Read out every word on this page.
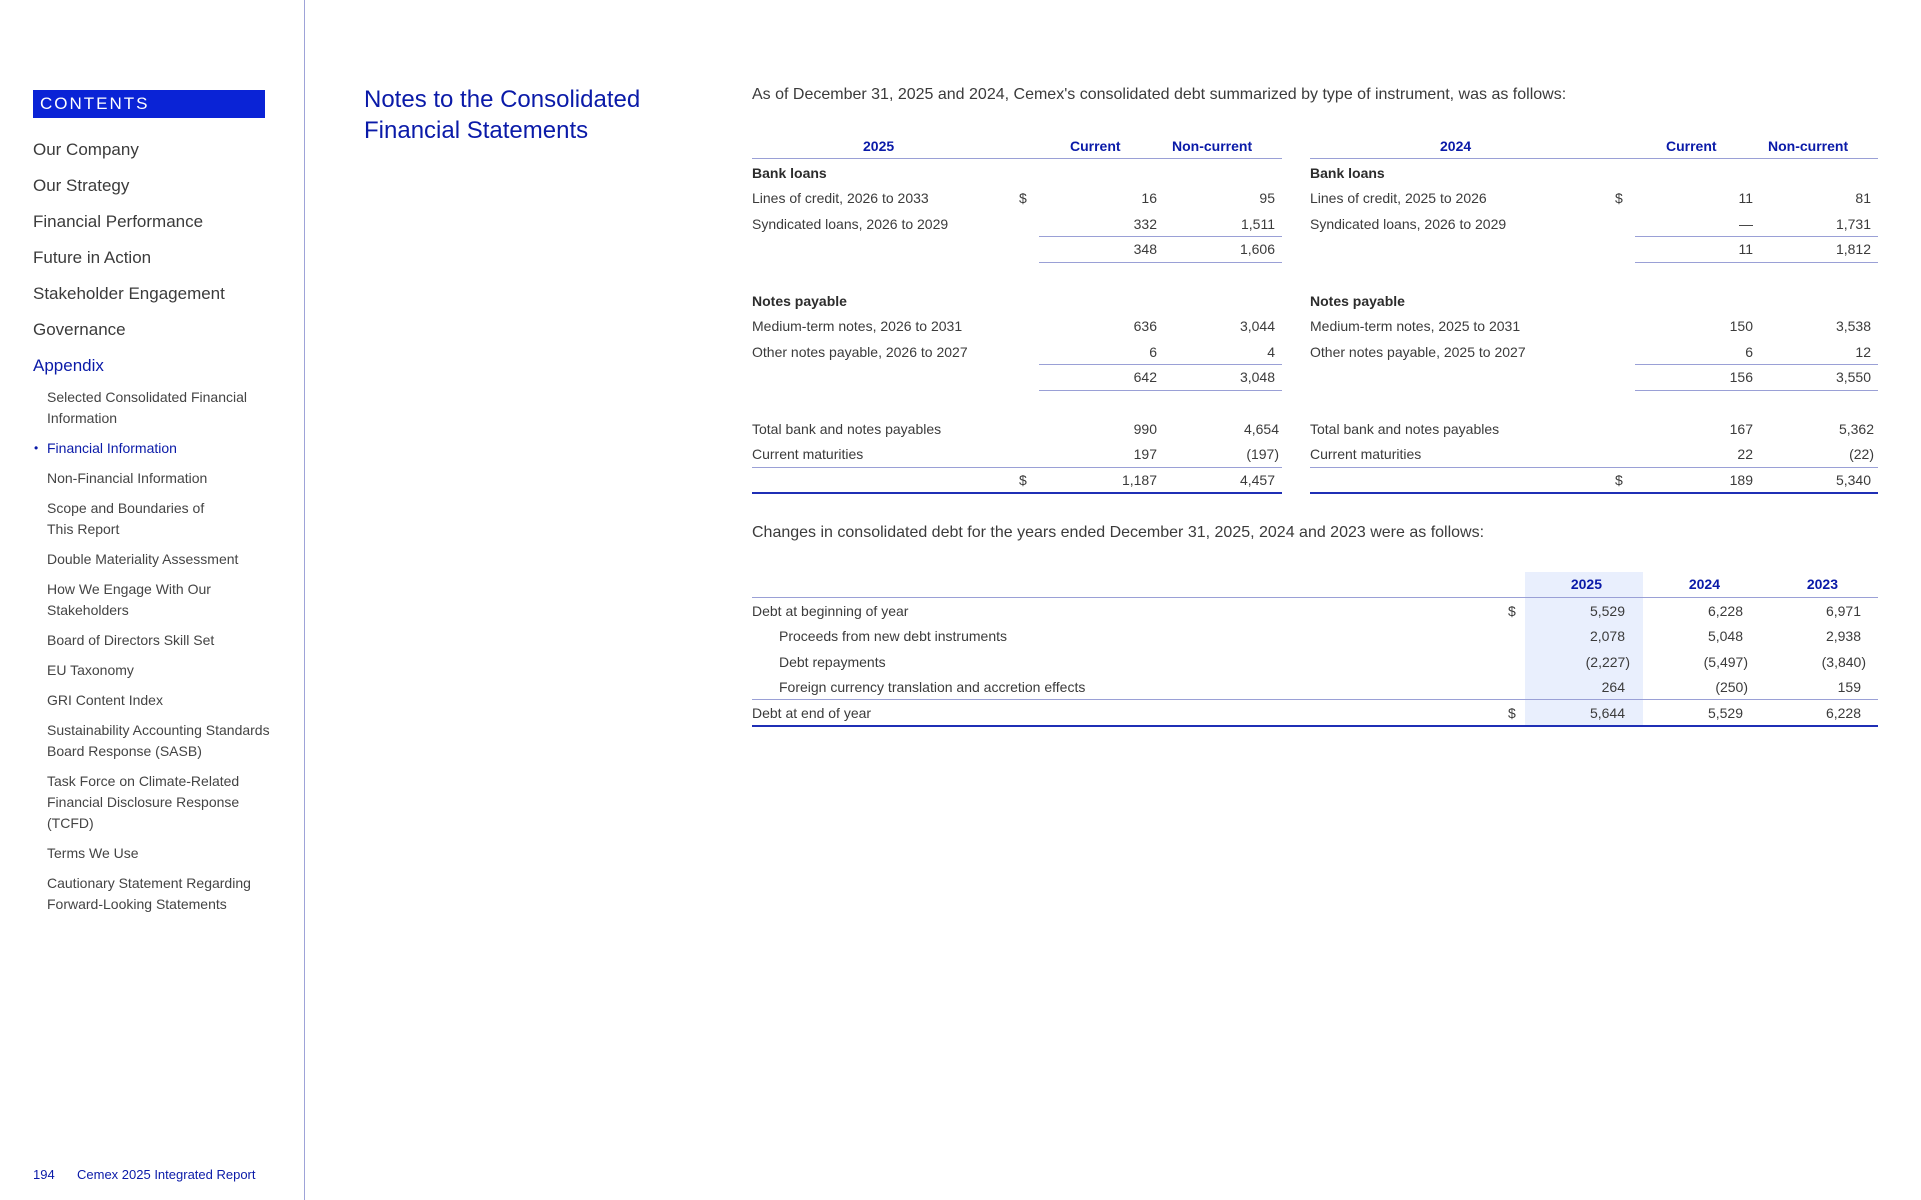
CONTENTS
Our Company
Our Strategy
Financial Performance
Future in Action
Stakeholder Engagement
Governance
Appendix
Selected Consolidated Financial Information
• Financial Information
Non-Financial Information
Scope and Boundaries of This Report
Double Materiality Assessment
How We Engage With Our Stakeholders
Board of Directors Skill Set
EU Taxonomy
GRI Content Index
Sustainability Accounting Standards Board Response (SASB)
Task Force on Climate-Related Financial Disclosure Response (TCFD)
Terms We Use
Cautionary Statement Regarding Forward-Looking Statements
194 Cemex 2025 Integrated Report
Notes to the Consolidated Financial Statements
As of December 31, 2025 and 2024, Cemex's consolidated debt summarized by type of instrument, was as follows:
2025	Current	Non-current
Bank loans
Lines of credit, 2026 to 2033	$	16	95
Syndicated loans, 2026 to 2029	332	1,511
348	1,606
Notes payable
Medium-term notes, 2026 to 2031	636	3,044
Other notes payable, 2026 to 2027	6	4
642	3,048
Total bank and notes payables	990	4,654
Current maturities	197	(197)
$	1,187	4,457
2024	Current	Non-current
Bank loans
Lines of credit, 2025 to 2026	$	11	81
Syndicated loans, 2026 to 2029	—	1,731
11	1,812
Notes payable
Medium-term notes, 2025 to 2031	150	3,538
Other notes payable, 2025 to 2027	6	12
156	3,550
Total bank and notes payables	167	5,362
Current maturities	22	(22)
$	189	5,340
Changes in consolidated debt for the years ended December 31, 2025, 2024 and 2023 were as follows:
2025	2024	2023
Debt at beginning of year	$	5,529	6,228	6,971
Proceeds from new debt instruments	2,078	5,048	2,938
Debt repayments	(2,227)	(5,497)	(3,840)
Foreign currency translation and accretion effects	264	(250)	159
Debt at end of year	$	5,644	5,529	6,228
